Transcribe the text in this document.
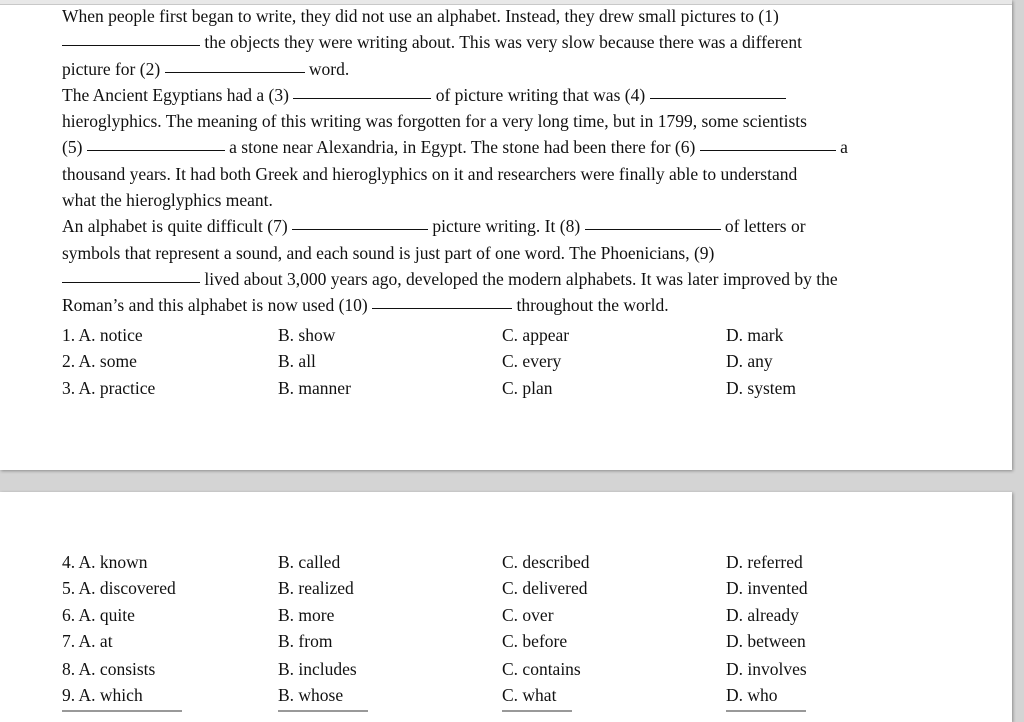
When people first began to write, they did not use an alphabet. Instead, they drew small pictures to (1)
the objects they were writing about. This was very slow because there was a different
picture for (2)	word.
The Ancient Egyptians had a (3)	of picture writing that was (4)
hieroglyphics. The meaning of this writing was forgotten for a very long time, but in 1799, some scientists
(5)	a stone near Alexandria, in Egypt. The stone had been there for (6)	a
thousand years. It had both Greek and hieroglyphics on it and researchers were finally able to understand
what the hieroglyphics meant.
An alphabet is quite difficult (7)	picture writing. It (8)	of letters or
symbols that represent a sound, and each sound is just part of one word. The Phoenicians, (9)
lived about 3,000 years ago, developed the modern alphabets. It was later improved by the
Roman’s and this alphabet is now used (10)	throughout the world.
1. A. notice	B. show	C. appear	D. mark
2. A. some	B. all	C. every	D. any
3. A. practice	B. manner	C. plan	D. system
4. A. known	B. called	C. described	D. referred
5. A. discovered	B. realized	C. delivered	D. invented
6. A. quite	B. more	C. over	D. already
7. A. at	B. from	C. before	D. between
8. A. consists	B. includes	C. contains	D. involves
9. A. which	B. whose	C. what	D. who
